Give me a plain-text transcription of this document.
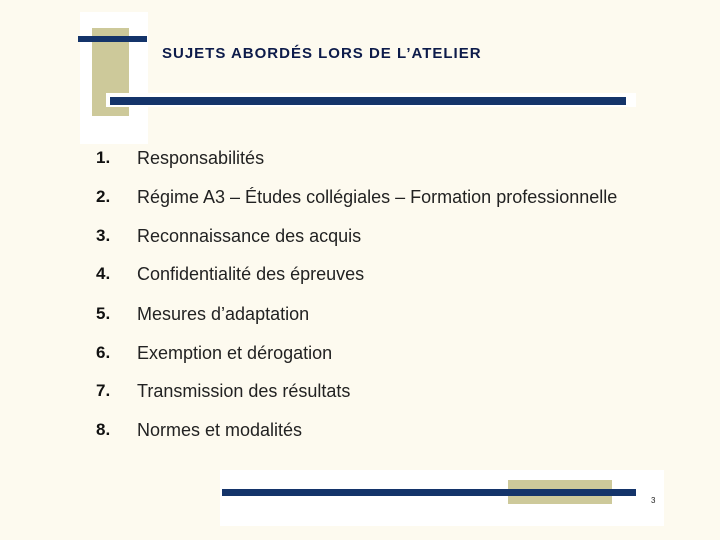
SUJETS ABORDÉS LORS DE L’ATELIER
1. Responsabilités
2. Régime A3 – Études collégiales – Formation professionnelle
3. Reconnaissance des acquis
4. Confidentialité des épreuves
5. Mesures d’adaptation
6. Exemption et dérogation
7. Transmission des résultats
8. Normes et modalités
3
